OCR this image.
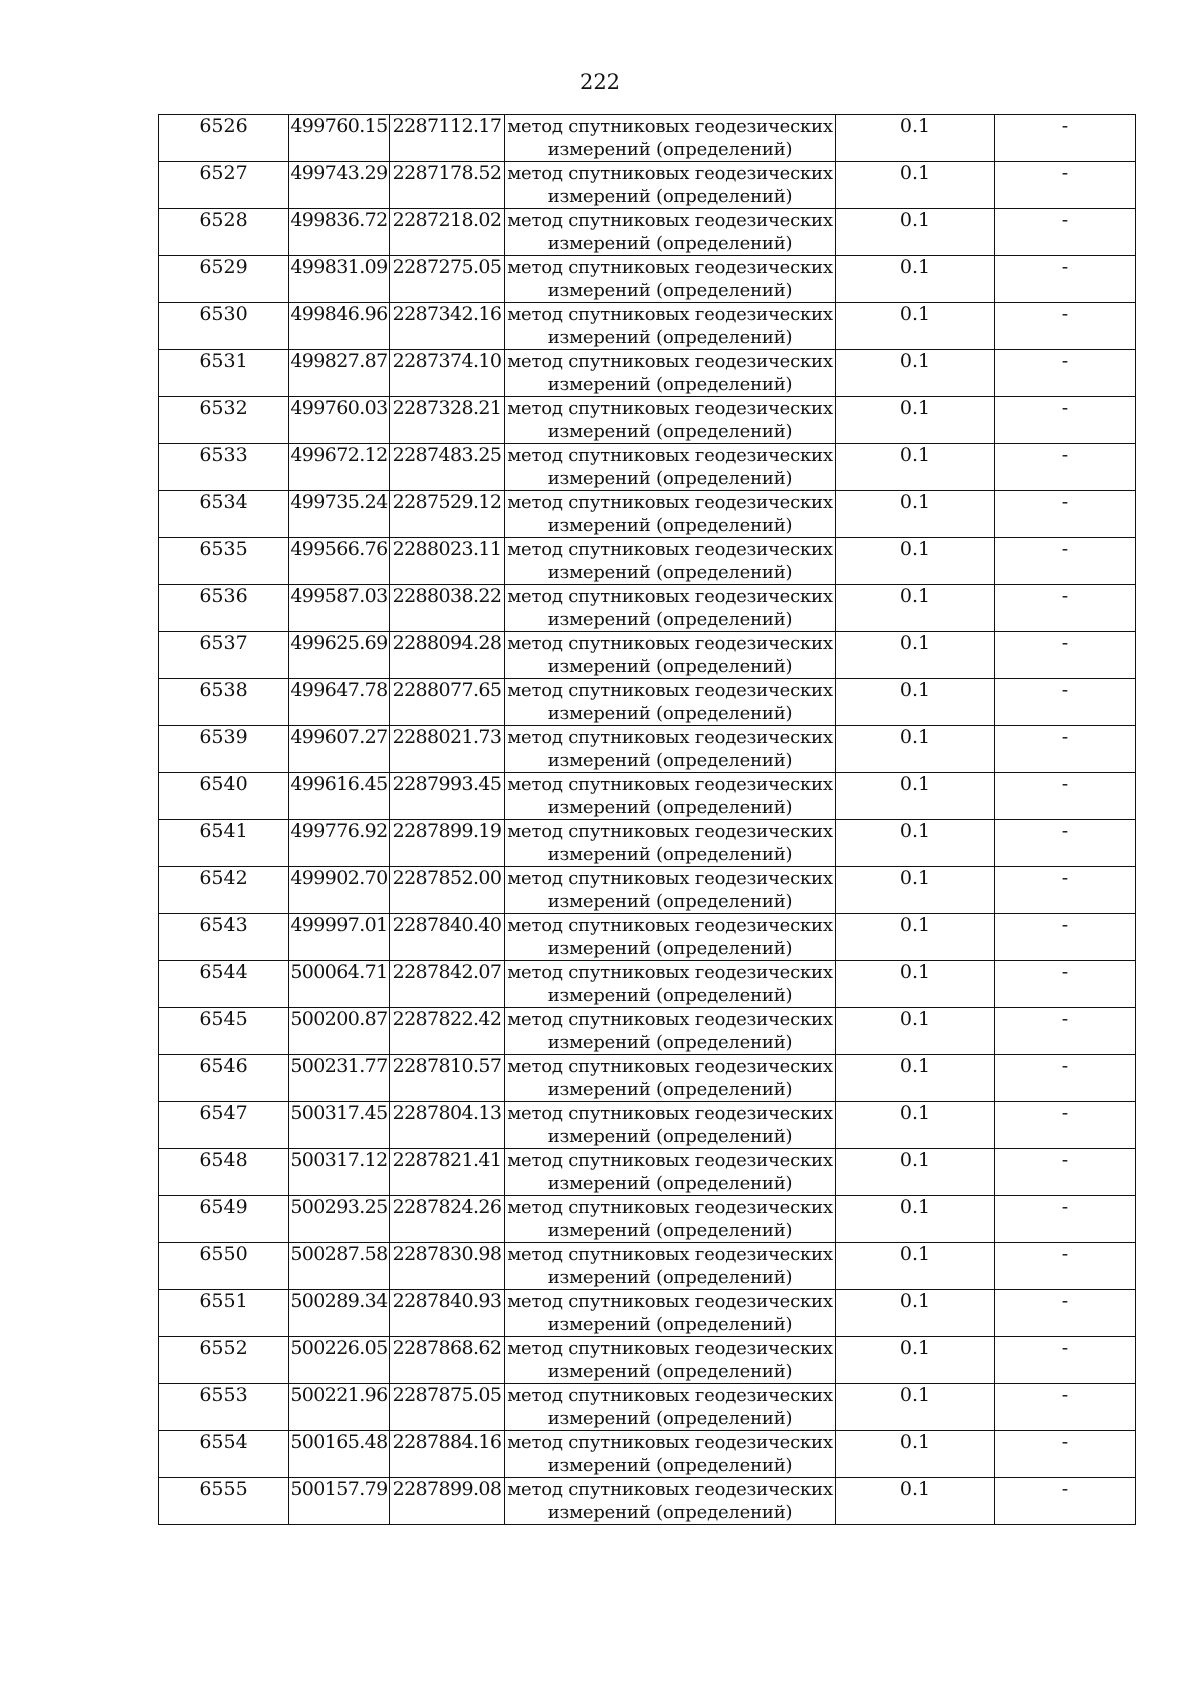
222
6526	499760.15	2287112.17	метод спутниковых геодезических
измерений (определений)	0.1	-
6527	499743.29	2287178.52	метод спутниковых геодезических
измерений (определений)	0.1	-
6528	499836.72	2287218.02	метод спутниковых геодезических
измерений (определений)	0.1	-
6529	499831.09	2287275.05	метод спутниковых геодезических
измерений (определений)	0.1	-
6530	499846.96	2287342.16	метод спутниковых геодезических
измерений (определений)	0.1	-
6531	499827.87	2287374.10	метод спутниковых геодезических
измерений (определений)	0.1	-
6532	499760.03	2287328.21	метод спутниковых геодезических
измерений (определений)	0.1	-
6533	499672.12	2287483.25	метод спутниковых геодезических
измерений (определений)	0.1	-
6534	499735.24	2287529.12	метод спутниковых геодезических
измерений (определений)	0.1	-
6535	499566.76	2288023.11	метод спутниковых геодезических
измерений (определений)	0.1	-
6536	499587.03	2288038.22	метод спутниковых геодезических
измерений (определений)	0.1	-
6537	499625.69	2288094.28	метод спутниковых геодезических
измерений (определений)	0.1	-
6538	499647.78	2288077.65	метод спутниковых геодезических
измерений (определений)	0.1	-
6539	499607.27	2288021.73	метод спутниковых геодезических
измерений (определений)	0.1	-
6540	499616.45	2287993.45	метод спутниковых геодезических
измерений (определений)	0.1	-
6541	499776.92	2287899.19	метод спутниковых геодезических
измерений (определений)	0.1	-
6542	499902.70	2287852.00	метод спутниковых геодезических
измерений (определений)	0.1	-
6543	499997.01	2287840.40	метод спутниковых геодезических
измерений (определений)	0.1	-
6544	500064.71	2287842.07	метод спутниковых геодезических
измерений (определений)	0.1	-
6545	500200.87	2287822.42	метод спутниковых геодезических
измерений (определений)	0.1	-
6546	500231.77	2287810.57	метод спутниковых геодезических
измерений (определений)	0.1	-
6547	500317.45	2287804.13	метод спутниковых геодезических
измерений (определений)	0.1	-
6548	500317.12	2287821.41	метод спутниковых геодезических
измерений (определений)	0.1	-
6549	500293.25	2287824.26	метод спутниковых геодезических
измерений (определений)	0.1	-
6550	500287.58	2287830.98	метод спутниковых геодезических
измерений (определений)	0.1	-
6551	500289.34	2287840.93	метод спутниковых геодезических
измерений (определений)	0.1	-
6552	500226.05	2287868.62	метод спутниковых геодезических
измерений (определений)	0.1	-
6553	500221.96	2287875.05	метод спутниковых геодезических
измерений (определений)	0.1	-
6554	500165.48	2287884.16	метод спутниковых геодезических
измерений (определений)	0.1	-
6555	500157.79	2287899.08	метод спутниковых геодезических
измерений (определений)	0.1	-
